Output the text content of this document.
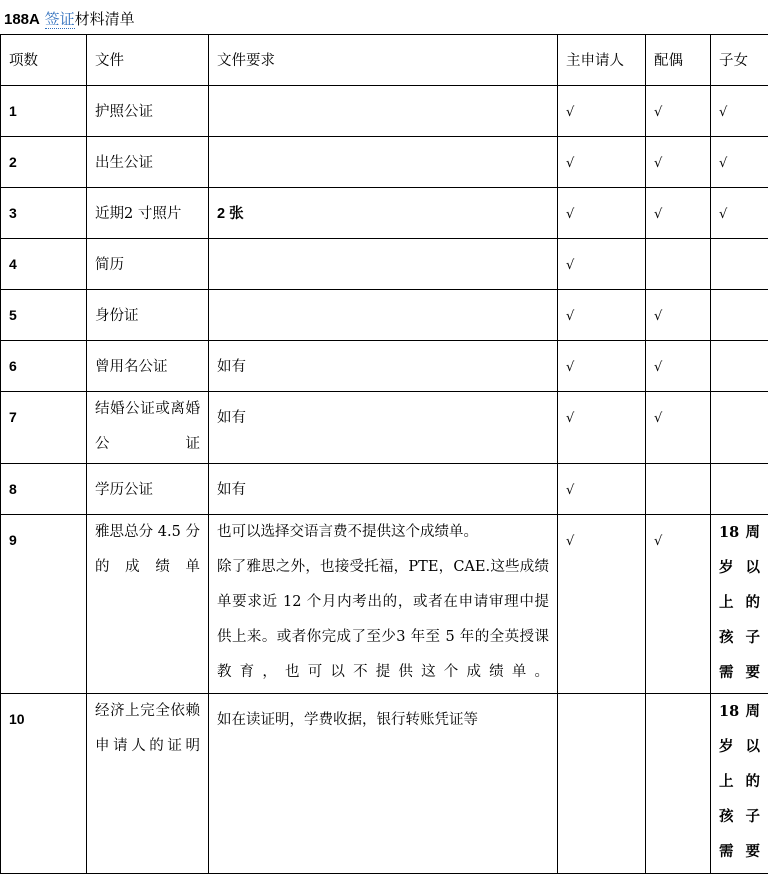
188A 签证材料清单
项数	文件	文件要求	主申请人	配偶	子女
1	护照公证		√	√	√
2	出生公证		√	√	√
3	近期2 寸照片	2 张	√	√	√
4	简历		√		
5	身份证		√	√	
6	曾用名公证	如有	√	√	
7	结婚公证或离婚公证	如有	√	√	
8	学历公证	如有	√		
9	雅思总分 4.5 分的成绩单	也可以选择交语言费不提供这个成绩单。

除了雅思之外，也接受托福，PTE，CAE.这些成绩单要求近 12 个月内考出的，或者在申请审理中提供上来。或者你完成了至少3 年至 5 年的全英授课教育，也可以不提供这个成绩单。	√	√	18 周岁以上的孩子需要

10	经济上完全依赖申请人的证明	如在读证明，学费收据，银行转账凭证等			18 周岁以上的孩子需要
